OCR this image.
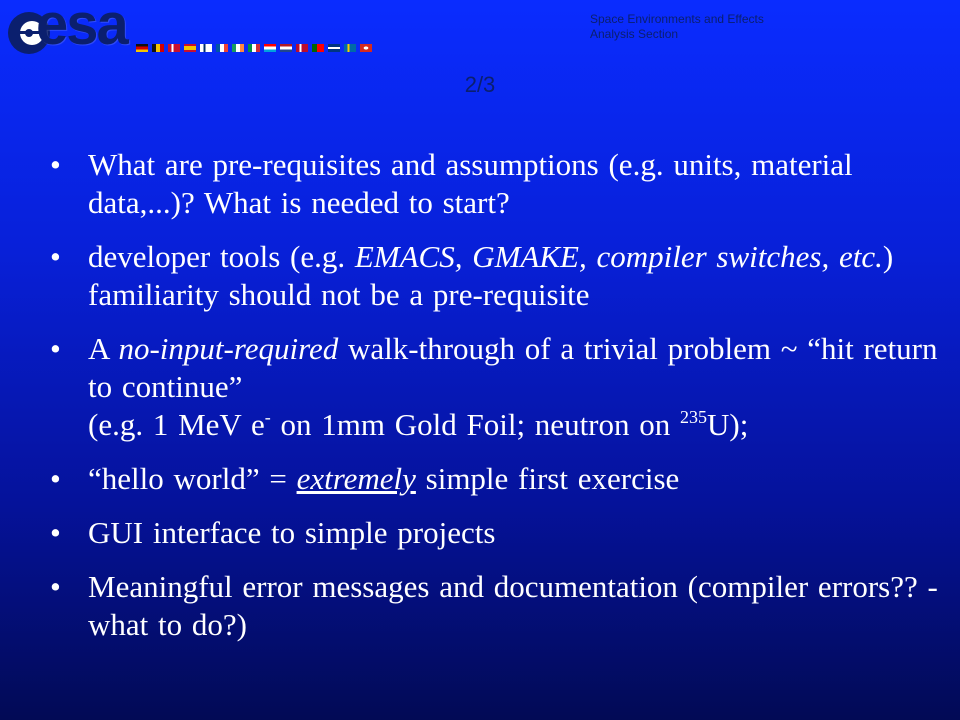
esa	Space Environments and Effects
Analysis Section
2/3
• What are pre-requisites and assumptions (e.g. units, material data,...)? What is needed to start?
• developer tools (e.g. EMACS, GMAKE, compiler switches, etc.) familiarity should not be a pre-requisite
• A no-input-required walk-through of a trivial problem ~ “hit return to continue”
(e.g. 1 MeV e- on 1mm Gold Foil; neutron on $^{235}$U);
• “hello world” = extremely simple first exercise
• GUI interface to simple projects
• Meaningful error messages and documentation (compiler errors?? - what to do?)
